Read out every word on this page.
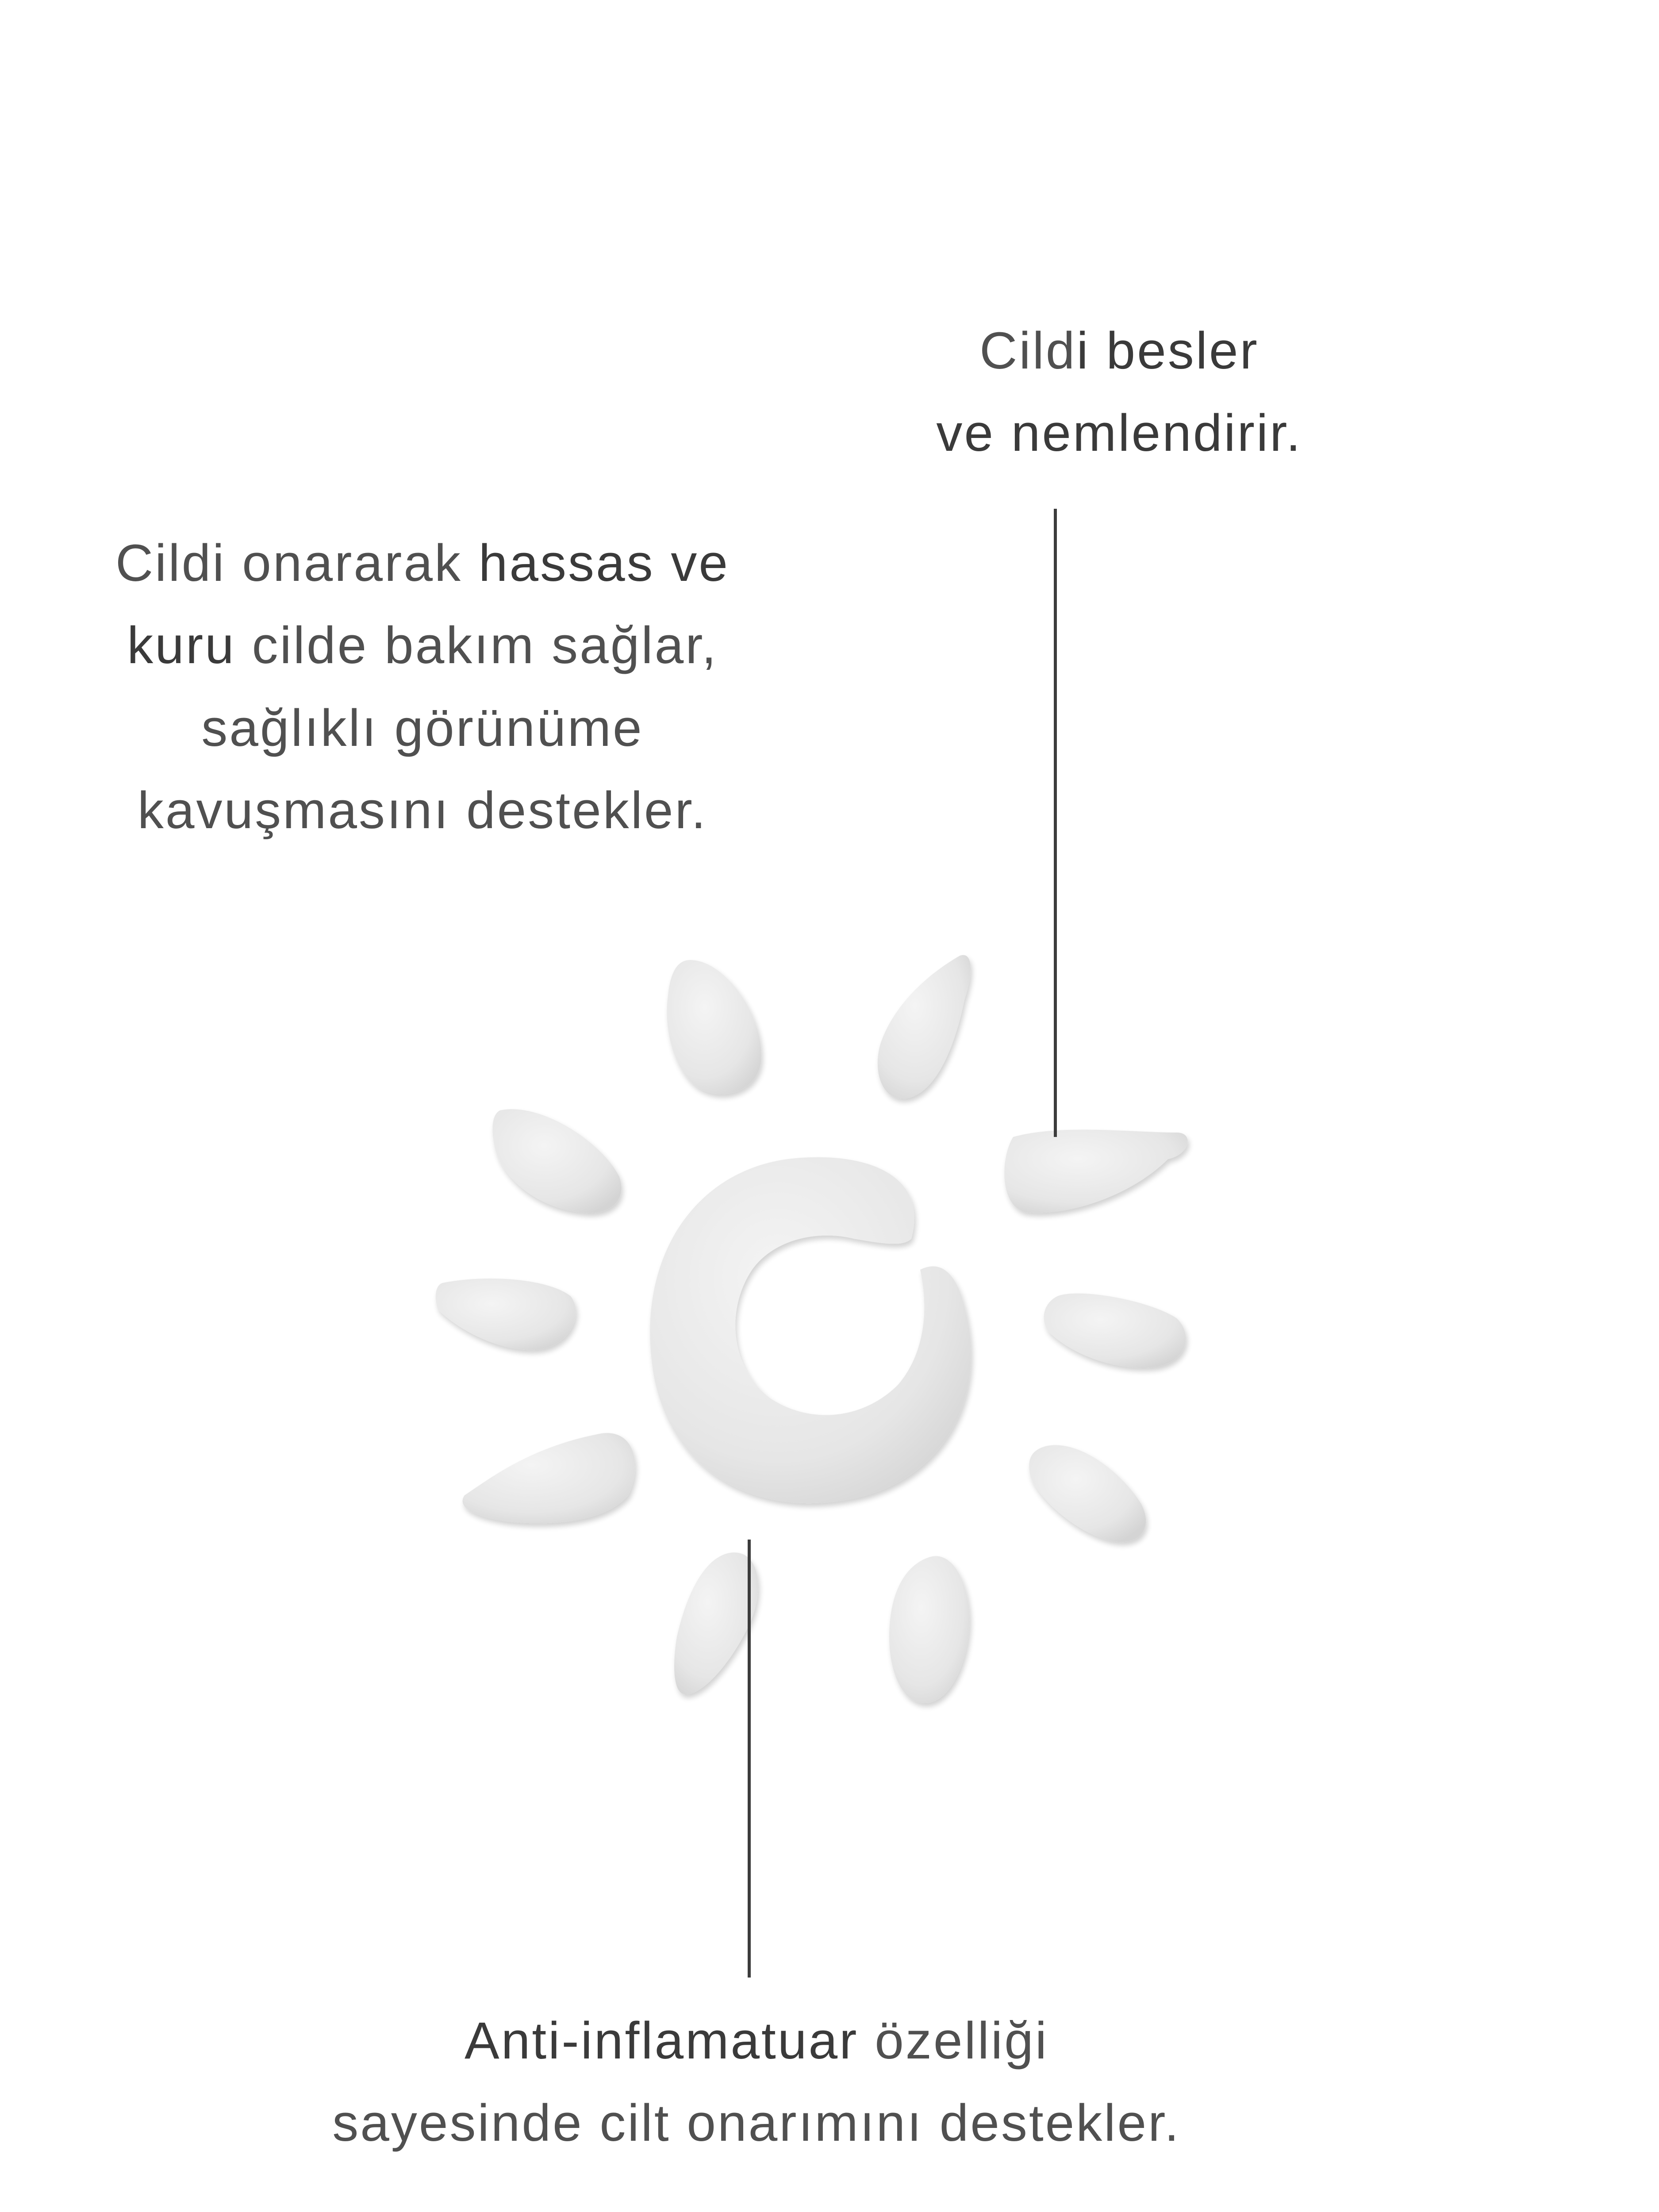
Cildi besler
ve nemlendirir.
Cildi onararak hassas ve
kuru cilde bakım sağlar,
sağlıklı görünüme
kavuşmasını destekler.
Anti-inflamatuar özelliği
sayesinde cilt onarımını destekler.
